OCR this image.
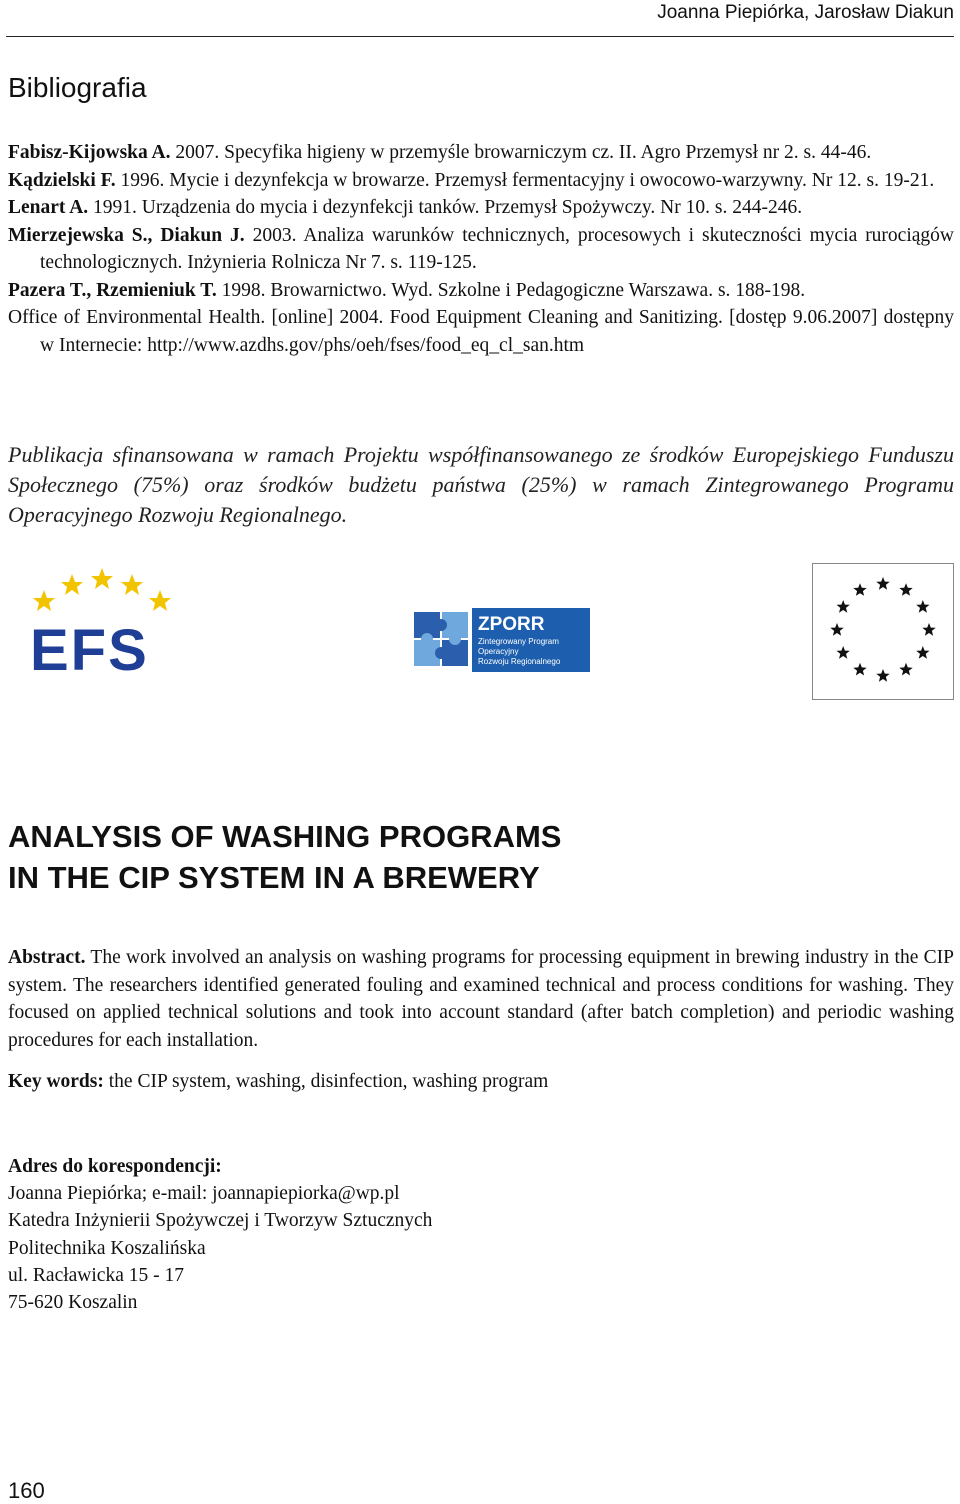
Joanna Piepiórka, Jarosław Diakun
Bibliografia
Fabisz-Kijowska A. 2007. Specyfika higieny w przemyśle browarniczym cz. II. Agro Przemysł nr 2. s. 44-46.
Kądzielski F. 1996. Mycie i dezynfekcja w browarze. Przemysł fermentacyjny i owocowo-warzywny. Nr 12. s. 19-21.
Lenart A. 1991. Urządzenia do mycia i dezynfekcji tanków. Przemysł Spożywczy. Nr 10. s. 244-246.
Mierzejewska S., Diakun J. 2003. Analiza warunków technicznych, procesowych i skuteczności mycia rurociągów technologicznych. Inżynieria Rolnicza Nr 7. s. 119-125.
Pazera T., Rzemieniuk T. 1998. Browarnictwo. Wyd. Szkolne i Pedagogiczne Warszawa. s. 188-198.
Office of Environmental Health. [online] 2004. Food Equipment Cleaning and Sanitizing. [dostęp 9.06.2007] dostępny w Internecie: http://www.azdhs.gov/phs/oeh/fses/food_eq_cl_san.htm
Publikacja sfinansowana w ramach Projektu współfinansowanego ze środków Europejskiego Funduszu Społecznego (75%) oraz środków budżetu państwa (25%) w ramach Zintegrowanego Programu Operacyjnego Rozwoju Regionalnego.
EFS	ZPORR
Zintegrowany Program
Operacyjny
Rozwoju Regionalnego
ANALYSIS OF WASHING PROGRAMS
IN THE CIP SYSTEM IN A BREWERY
Abstract. The work involved an analysis on washing programs for processing equipment in brewing industry in the CIP system. The researchers identified generated fouling and examined technical and process conditions for washing. They focused on applied technical solutions and took into account standard (after batch completion) and periodic washing procedures for each installation.
Key words: the CIP system, washing, disinfection, washing program
Adres do korespondencji:
Joanna Piepiórka; e-mail: joannapiepiorka@wp.pl
Katedra Inżynierii Spożywczej i Tworzyw Sztucznych
Politechnika Koszalińska
ul. Racławicka 15 - 17
75-620 Koszalin
160
